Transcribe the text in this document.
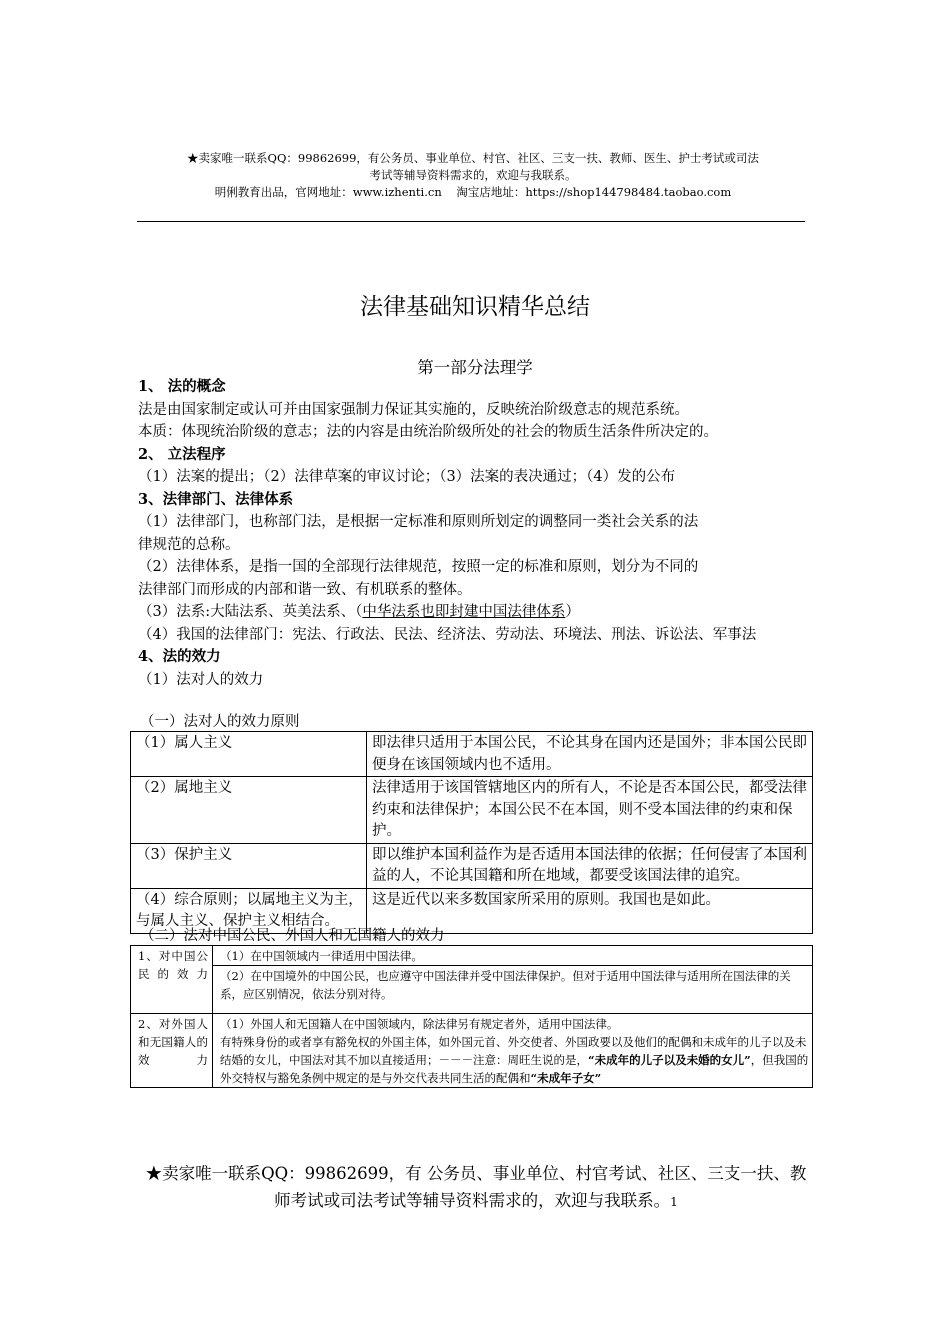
★卖家唯一联系QQ：99862699，有公务员、事业单位、村官、社区、三支一扶、教师、医生、护士考试或司法
考试等辅导资料需求的，欢迎与我联系。
明俐教育出品，官网地址：www.izhenti.cn    淘宝店地址：https://shop144798484.taobao.com
法律基础知识精华总结
第一部分法理学

1、 法的概念

法是由国家制定或认可并由国家强制力保证其实施的，反映统治阶级意志的规范系统。

本质：体现统治阶级的意志；法的内容是由统治阶级所处的社会的物质生活条件所决定的。

2、 立法程序

（1）法案的提出；（2）法律草案的审议讨论；（3）法案的表决通过；（4）发的公布

3、法律部门、法律体系

（1）法律部门，也称部门法，是根据一定标准和原则所划定的调整同一类社会关系的法

律规范的总称。

（2）法律体系，是指一国的全部现行法律规范，按照一定的标准和原则，划分为不同的

法律部门而形成的内部和谐一致、有机联系的整体。

（3）法系:大陆法系、英美法系、（中华法系也即封建中国法律体系）

（4）我国的法律部门：宪法、行政法、民法、经济法、劳动法、环境法、刑法、诉讼法、军事法

4、法的效力

（1）法对人的效力

（一）法对人的效力原则
（1）属人主义	即法律只适用于本国公民，不论其身在国内还是国外；非本国公民即便身在该国领域内也不适用。
（2）属地主义	法律适用于该国管辖地区内的所有人，不论是否本国公民，都受法律约束和法律保护；本国公民不在本国，则不受本国法律的约束和保护。
（3）保护主义	即以维护本国利益作为是否适用本国法律的依据；任何侵害了本国利益的人，不论其国籍和所在地域，都要受该国法律的追究。
（4）综合原则；以属地主义为主，与属人主义、保护主义相结合。	这是近代以来多数国家所采用的原则。我国也是如此。
（二）法对中国公民、外国人和无国籍人的效力
1、对中国公民的效力	（1）在中国领域内一律适用中国法律。
	（2）在中国境外的中国公民，也应遵守中国法律并受中国法律保护。但对于适用中国法律与适用所在国法律的关系，应区别情况，依法分别对待。
2、对外国人和无国籍人的效力	（1）外国人和无国籍人在中国领域内，除法律另有规定者外，适用中国法律。
有特殊身份的或者享有豁免权的外国主体，如外国元首、外交使者、外国政要以及他们的配偶和未成年的儿子以及未结婚的女儿，中国法对其不加以直接适用；－－－注意：周旺生说的是，“未成年的儿子以及未婚的女儿”，但我国的外交特权与豁免条例中规定的是与外交代表共同生活的配偶和“未成年子女”
★卖家唯一联系QQ：99862699，有 公务员、事业单位、村官考试、社区、三支一扶、教师考试或司法考试等辅导资料需求的，欢迎与我联系。1
